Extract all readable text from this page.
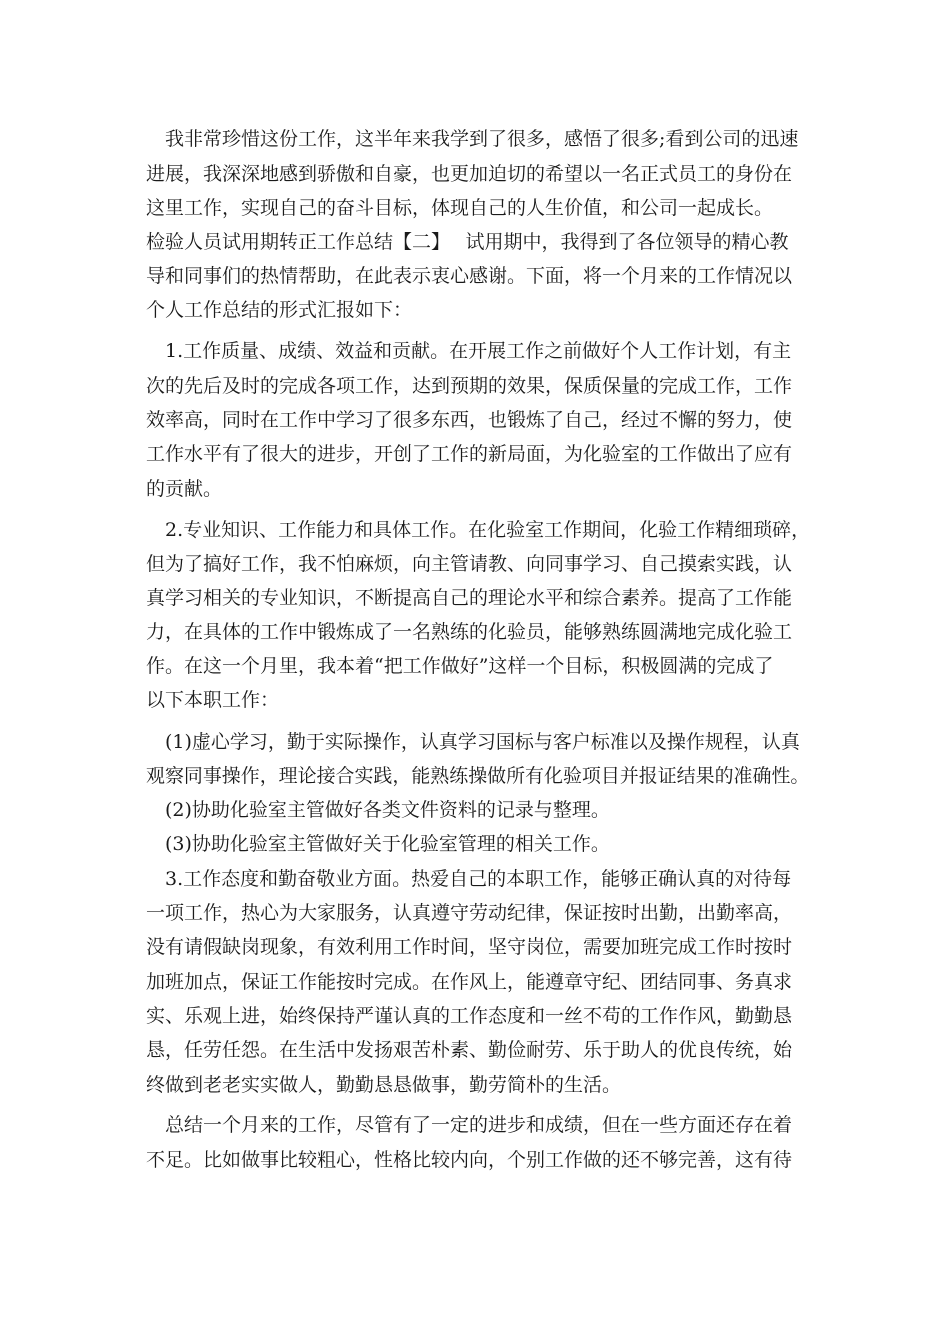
我非常珍惜这份工作，这半年来我学到了很多，感悟了很多;看到公司的迅速
进展，我深深地感到骄傲和自豪，也更加迫切的希望以一名正式员工的身份在
这里工作，实现自己的奋斗目标，体现自己的人生价值，和公司一起成长。
检验人员试用期转正工作总结【二】　 试用期中，我得到了各位领导的精心教
导和同事们的热情帮助，在此表示衷心感谢。下面，将一个月来的工作情况以
个人工作总结的形式汇报如下：
1.工作质量、成绩、效益和贡献。在开展工作之前做好个人工作计划，有主
次的先后及时的完成各项工作，达到预期的效果，保质保量的完成工作，工作
效率高，同时在工作中学习了很多东西，也锻炼了自己，经过不懈的努力，使
工作水平有了很大的进步，开创了工作的新局面，为化验室的工作做出了应有
的贡献。
2.专业知识、工作能力和具体工作。在化验室工作期间，化验工作精细琐碎，
但为了搞好工作，我不怕麻烦，向主管请教、向同事学习、自己摸索实践，认
真学习相关的专业知识，不断提高自己的理论水平和综合素养。提高了工作能
力，在具体的工作中锻炼成了一名熟练的化验员，能够熟练圆满地完成化验工
作。在这一个月里，我本着“把工作做好”这样一个目标，积极圆满的完成了
以下本职工作：
(1)虚心学习，勤于实际操作，认真学习国标与客户标准以及操作规程，认真
观察同事操作，理论接合实践，能熟练操做所有化验项目并报证结果的准确性。
(2)协助化验室主管做好各类文件资料的记录与整理。
(3)协助化验室主管做好关于化验室管理的相关工作。
3.工作态度和勤奋敬业方面。热爱自己的本职工作，能够正确认真的对待每
一项工作，热心为大家服务，认真遵守劳动纪律，保证按时出勤，出勤率高，
没有请假缺岗现象，有效利用工作时间，坚守岗位，需要加班完成工作时按时
加班加点，保证工作能按时完成。在作风上，能遵章守纪、团结同事、务真求
实、乐观上进，始终保持严谨认真的工作态度和一丝不苟的工作作风，勤勤恳
恳，任劳任怨。在生活中发扬艰苦朴素、勤俭耐劳、乐于助人的优良传统，始
终做到老老实实做人，勤勤恳恳做事，勤劳简朴的生活。
总结一个月来的工作，尽管有了一定的进步和成绩，但在一些方面还存在着
不足。比如做事比较粗心，性格比较内向，个别工作做的还不够完善，这有待
